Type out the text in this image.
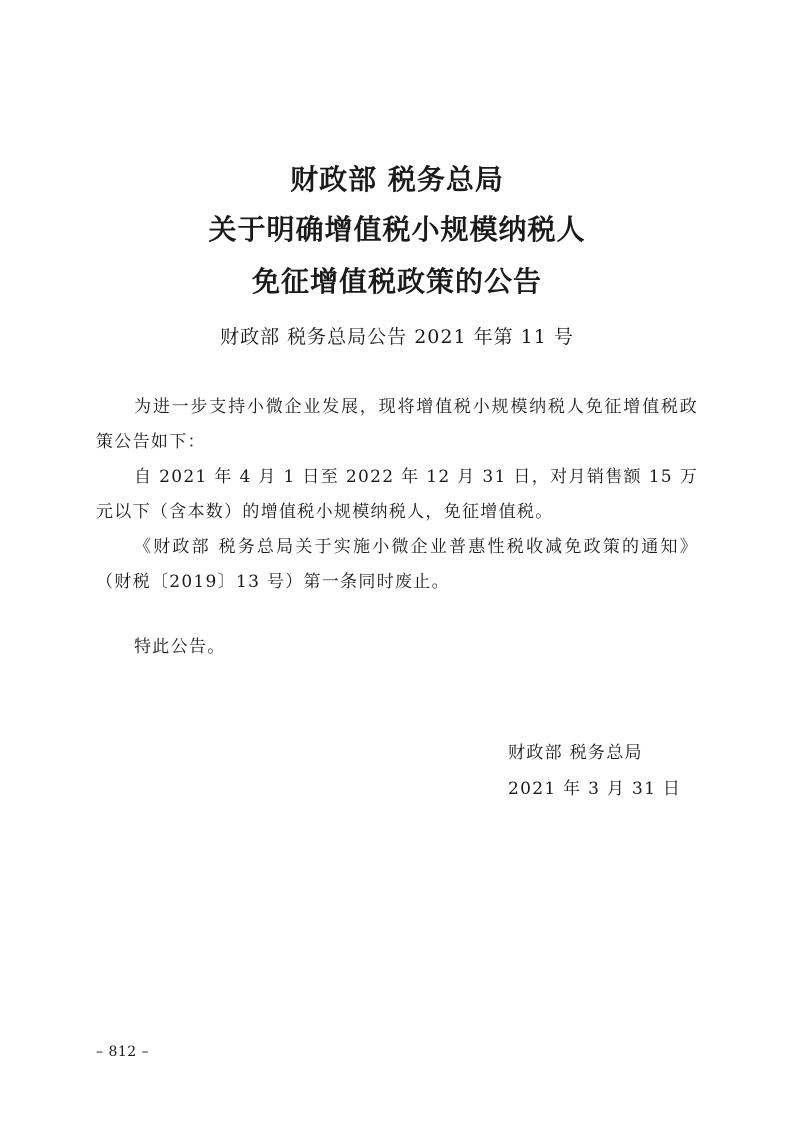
财政部 税务总局
关于明确增值税小规模纳税人
免征增值税政策的公告
财政部 税务总局公告 2021 年第 11 号

为进一步支持小微企业发展，现将增值税小规模纳税人免征增值税政策公告如下：

自 2021 年 4 月 1 日至 2022 年 12 月 31 日，对月销售额 15 万元以下（含本数）的增值税小规模纳税人，免征增值税。

《财政部 税务总局关于实施小微企业普惠性税收减免政策的通知》（财税〔2019〕13 号）第一条同时废止。

特此公告。
财政部 税务总局
2021 年 3 月 31 日
– 812 –
